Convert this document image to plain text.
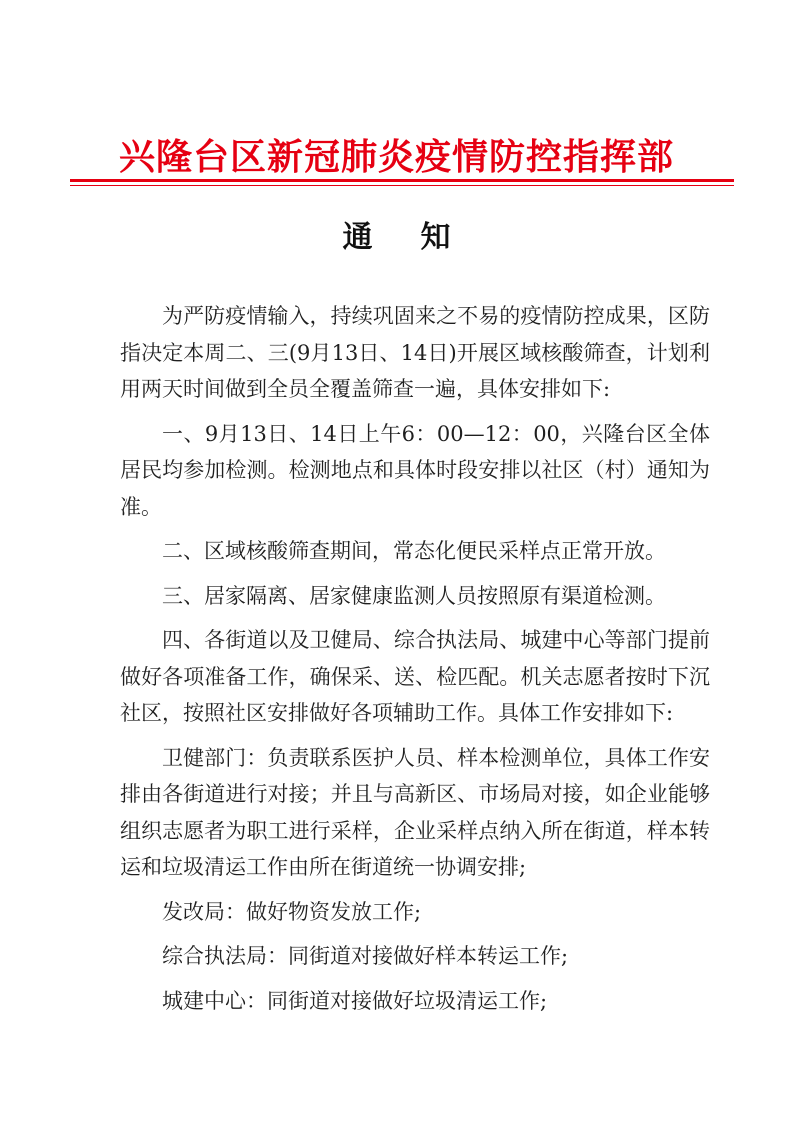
兴隆台区新冠肺炎疫情防控指挥部
通知

为严防疫情输入，持续巩固来之不易的疫情防控成果，区防指决定本周二、三(9月13日、14日)开展区域核酸筛查，计划利用两天时间做到全员全覆盖筛查一遍，具体安排如下:

一、9月13日、14日上午6：00—12：00，兴隆台区全体居民均参加检测。检测地点和具体时段安排以社区（村）通知为准。

二、区域核酸筛查期间，常态化便民采样点正常开放。

三、居家隔离、居家健康监测人员按照原有渠道检测。

四、各街道以及卫健局、综合执法局、城建中心等部门提前做好各项准备工作，确保采、送、检匹配。机关志愿者按时下沉社区，按照社区安排做好各项辅助工作。具体工作安排如下:

卫健部门：负责联系医护人员、样本检测单位，具体工作安排由各街道进行对接；并且与高新区、市场局对接，如企业能够组织志愿者为职工进行采样，企业采样点纳入所在街道，样本转运和垃圾清运工作由所在街道统一协调安排;

发改局：做好物资发放工作;

综合执法局：同街道对接做好样本转运工作;

城建中心：同街道对接做好垃圾清运工作;
